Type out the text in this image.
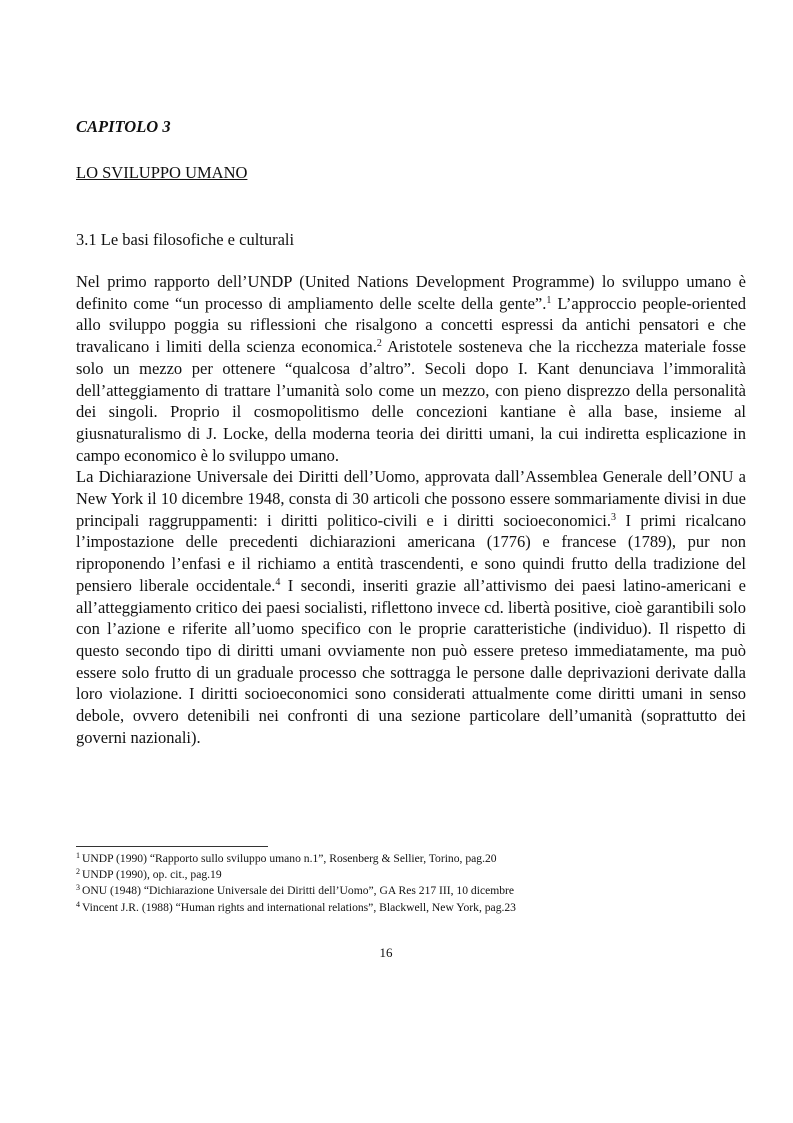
CAPITOLO 3
LO SVILUPPO UMANO
3.1 Le basi filosofiche e culturali

Nel primo rapporto dell’UNDP (United Nations Development Programme) lo sviluppo umano è definito come “un processo di ampliamento delle scelte della gente”.$^1$ L’approccio people-oriented allo sviluppo poggia su riflessioni che risalgono a concetti espressi da antichi pensatori e che travalicano i limiti della scienza economica.$^2$ Aristotele sosteneva che la ricchezza materiale fosse solo un mezzo per ottenere “qualcosa d’altro”. Secoli dopo I. Kant denunciava l’immoralità dell’atteggiamento di trattare l’umanità solo come un mezzo, con pieno disprezzo della personalità dei singoli. Proprio il cosmopolitismo delle concezioni kantiane è alla base, insieme al giusnaturalismo di J. Locke, della moderna teoria dei diritti umani, la cui indiretta esplicazione in campo economico è lo sviluppo umano.

La Dichiarazione Universale dei Diritti dell’Uomo, approvata dall’Assemblea Generale dell’ONU a New York il 10 dicembre 1948, consta di 30 articoli che possono essere sommariamente divisi in due principali raggruppamenti: i diritti politico-civili e i diritti socioeconomici.$^3$ I primi ricalcano l’impostazione delle precedenti dichiarazioni americana (1776) e francese (1789), pur non riproponendo l’enfasi e il richiamo a entità trascendenti, e sono quindi frutto della tradizione del pensiero liberale occidentale.$^4$ I secondi, inseriti grazie all’attivismo dei paesi latino-americani e all’atteggiamento critico dei paesi socialisti, riflettono invece cd. libertà positive, cioè garantibili solo con l’azione e riferite all’uomo specifico con le proprie caratteristiche (individuo). Il rispetto di questo secondo tipo di diritti umani ovviamente non può essere preteso immediatamente, ma può essere solo frutto di un graduale processo che sottragga le persone dalle deprivazioni derivate dalla loro violazione. I diritti socioeconomici sono considerati attualmente come diritti umani in senso debole, ovvero detenibili nei confronti di una sezione particolare dell’umanità (soprattutto dei governi nazionali).

$^1$ UNDP (1990) “Rapporto sullo sviluppo umano n.1”, Rosenberg & Sellier, Torino, pag.20

$^2$ UNDP (1990), op. cit., pag.19

$^3$ ONU (1948) “Dichiarazione Universale dei Diritti dell’Uomo”, GA Res 217 III, 10 dicembre

$^4$ Vincent J.R. (1988) “Human rights and international relations”, Blackwell, New York, pag.23

16
